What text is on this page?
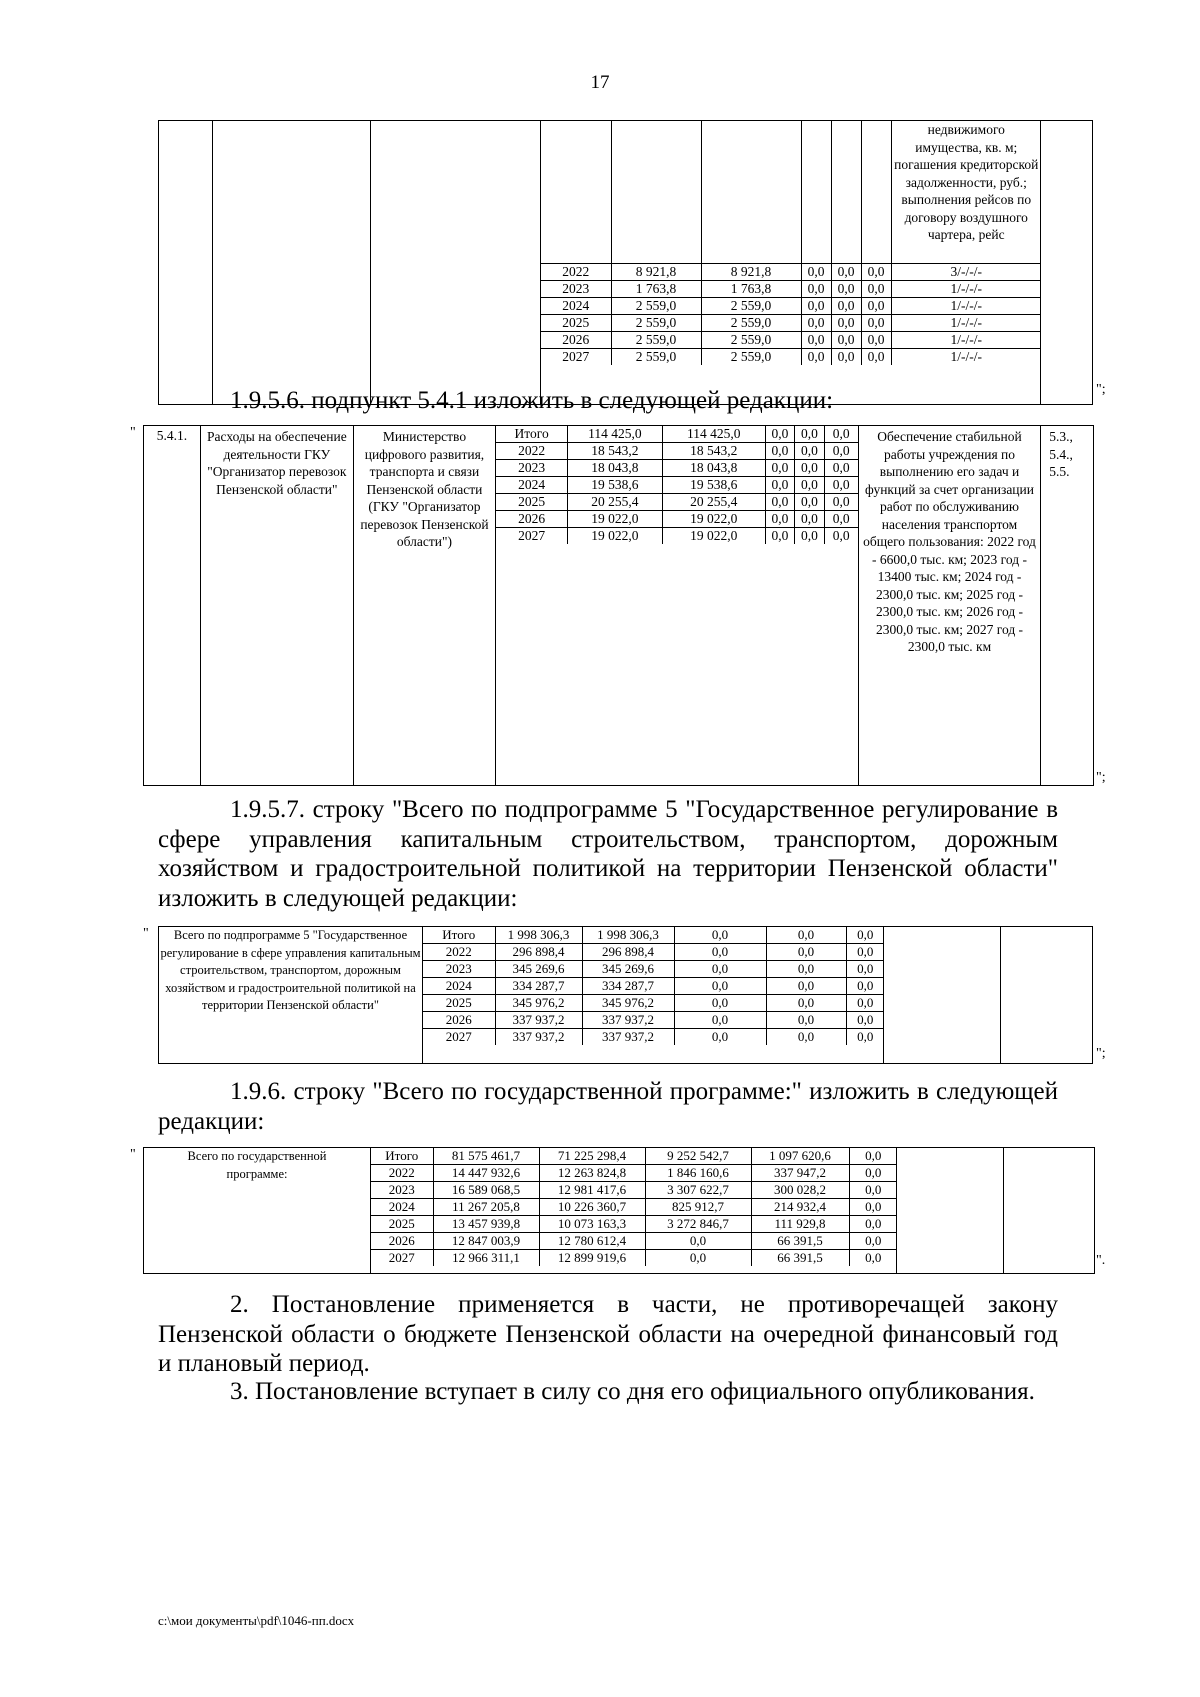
17

						недвижимого имущества, кв. м; погашения кредиторской задолженности, руб.; выполнения рейсов по договору воздушного чартера, рейс
2022	8 921,8	8 921,8	0,0	0,0	0,0	3/-/-/-
2023	1 763,8	1 763,8	0,0	0,0	0,0	1/-/-/-
2024	2 559,0	2 559,0	0,0	0,0	0,0	1/-/-/-
2025	2 559,0	2 559,0	0,0	0,0	0,0	1/-/-/-
2026	2 559,0	2 559,0	0,0	0,0	0,0	1/-/-/-
2027	2 559,0	2 559,0	0,0	0,0	0,0	1/-/-/-

";
1.9.5.6. подпункт 5.4.1 изложить в следующей редакции:
" 5.4.1.	Расходы на обеспечение деятельности ГКУ "Организатор перевозок Пензенской области"	Министерство цифрового развития, транспорта и связи Пензенской области (ГКУ "Организатор перевозок Пензенской области")	
Итого	114 425,0	114 425,0	0,0	0,0	0,0
2022	18 543,2	18 543,2	0,0	0,0	0,0
2023	18 043,8	18 043,8	0,0	0,0	0,0
2024	19 538,6	19 538,6	0,0	0,0	0,0
2025	20 255,4	20 255,4	0,0	0,0	0,0
2026	19 022,0	19 022,0	0,0	0,0	0,0
2027	19 022,0	19 022,0	0,0	0,0	0,0
	Обеспечение стабильной работы учреждения по выполнению его задач и функций за счет организации работ по обслуживанию населения транспортом общего пользования: 2022 год - 6600,0 тыс. км; 2023 год - 13400 тыс. км; 2024 год - 2300,0 тыс. км; 2025 год - 2300,0 тыс. км; 2026 год - 2300,0 тыс. км; 2027 год - 2300,0 тыс. км	5.3., 5.4., 5.5.
";
1.9.5.7. строку "Всего по подпрограмме 5 "Государственное регулирование в сфере управления капитальным строительством, транспортом, дорожным хозяйством и градостроительной политикой на территории Пензенской области" изложить в следующей редакции:
" Всего по подпрограмме 5 "Государственное регулирование в сфере управления капитальным строительством, транспортом, дорожным хозяйством и градостроительной политикой на территории Пензенской области"	
Итого	1 998 306,3	1 998 306,3	0,0	0,0	0,0
2022	296 898,4	296 898,4	0,0	0,0	0,0
2023	345 269,6	345 269,6	0,0	0,0	0,0
2024	334 287,7	334 287,7	0,0	0,0	0,0
2025	345 976,2	345 976,2	0,0	0,0	0,0
2026	337 937,2	337 937,2	0,0	0,0	0,0
2027	337 937,2	337 937,2	0,0	0,0	0,0

";
1.9.6. строку "Всего по государственной программе:" изложить в следующей редакции:
"	Всего по государственной программе:	
Итого	81 575 461,7	71 225 298,4	9 252 542,7	1 097 620,6	0,0
2022	14 447 932,6	12 263 824,8	1 846 160,6	337 947,2	0,0
2023	16 589 068,5	12 981 417,6	3 307 622,7	300 028,2	0,0
2024	11 267 205,8	10 226 360,7	825 912,7	214 932,4	0,0
2025	13 457 939,8	10 073 163,3	3 272 846,7	111 929,8	0,0
2026	12 847 003,9	12 780 612,4	0,0	66 391,5	0,0
2027	12 966 311,1	12 899 919,6	0,0	66 391,5	0,0
			".
2. Постановление применяется в части, не противоречащей закону Пензенской области о бюджете Пензенской области на очередной финансовый год и плановый период.
3. Постановление вступает в силу со дня его официального опубликования.
c:\мои документы\pdf\1046-пп.docx
